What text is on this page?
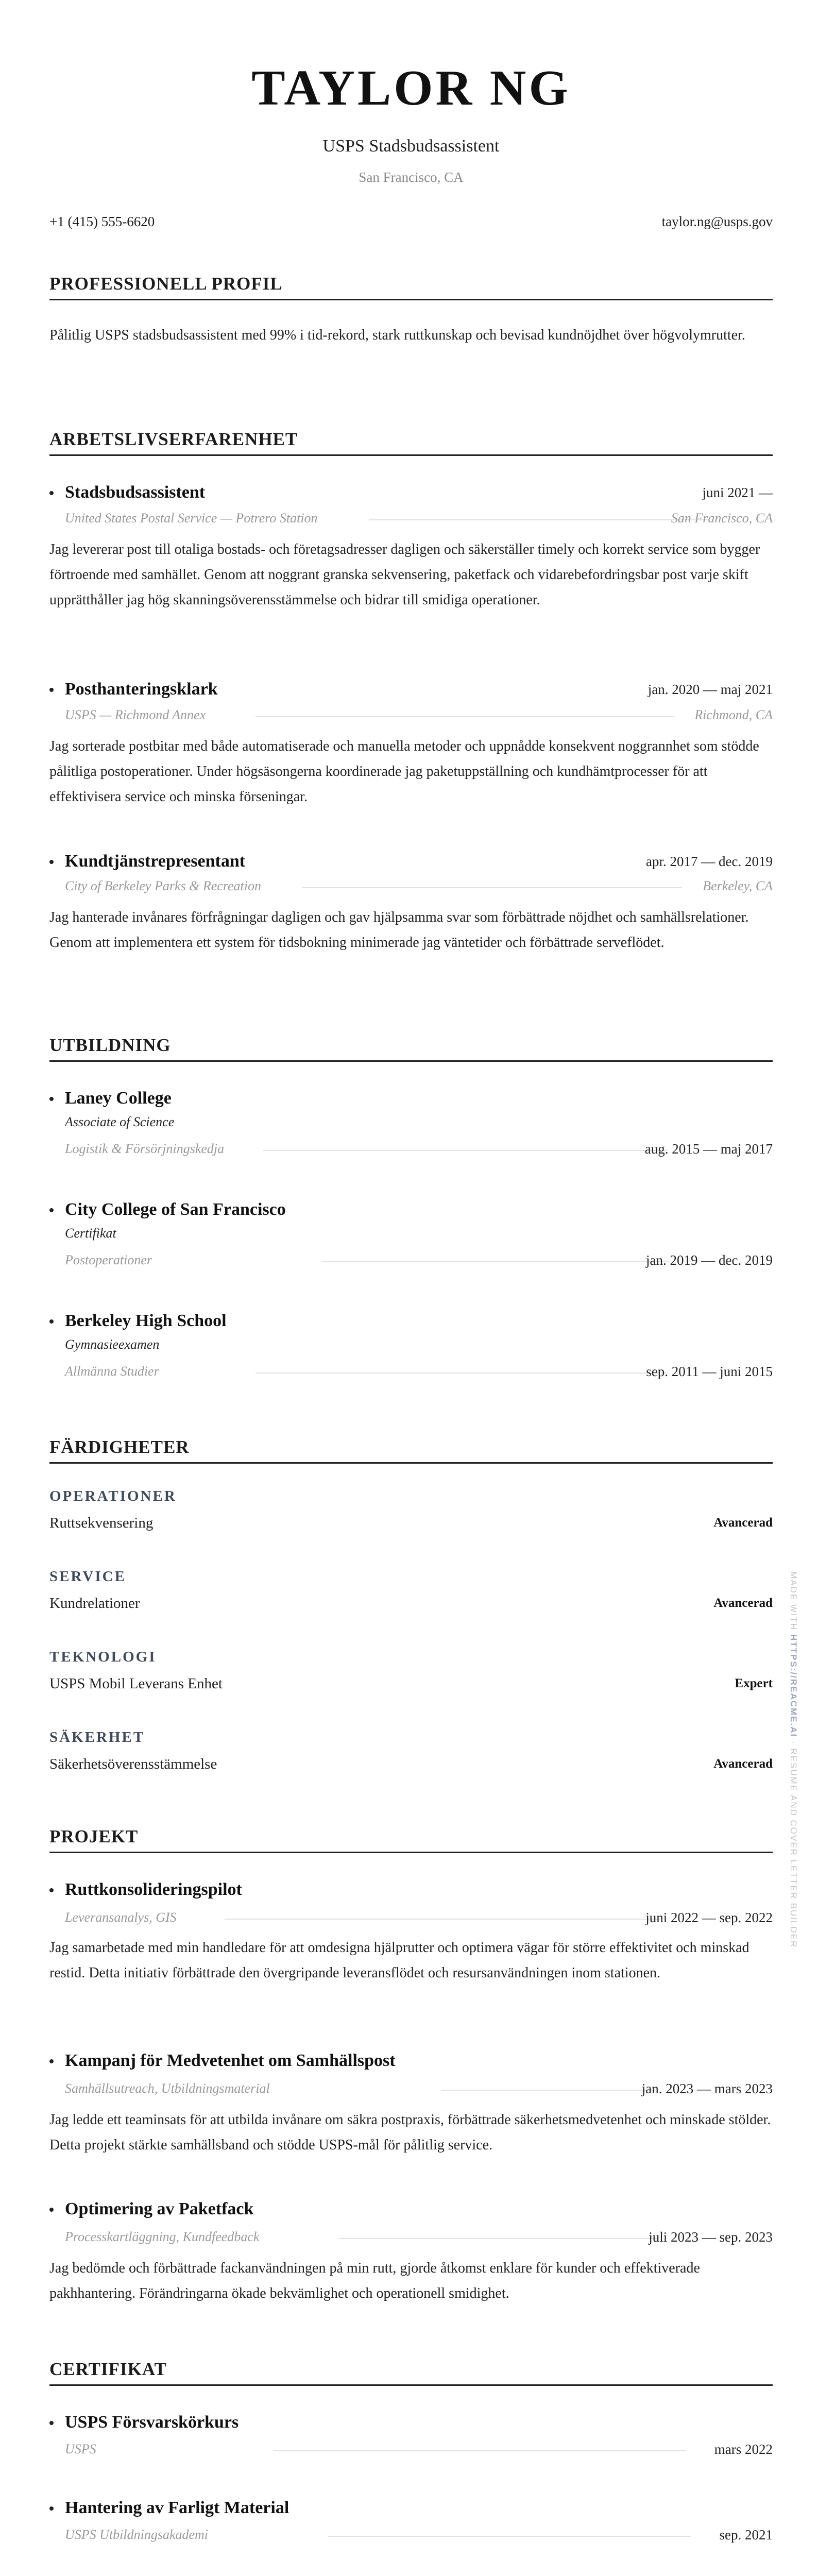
TAYLOR NG
USPS Stadsbudsassistent
San Francisco, CA
+1 (415) 555-6620	taylor.ng@usps.gov
PROFESSIONELL PROFIL
Pålitlig USPS stadsbudsassistent med 99% i tid-rekord, stark ruttkunskap och bevisad kundnöjdhet över högvolymrutter.
ARBETSLIVSERFARENHET
Stadsbudsassistent	juni 2021 —
United States Postal Service — Potrero Station	San Francisco, CA
Jag levererar post till otaliga bostads- och företagsadresser dagligen och säkerställer timely och korrekt service som bygger förtroende med samhället. Genom att noggrant granska sekvensering, paketfack och vidarebefordringsbar post varje skift upprätthåller jag hög skanningsöverensstämmelse och bidrar till smidiga operationer.
Posthanteringsklark	jan. 2020 — maj 2021
USPS — Richmond Annex	Richmond, CA
Jag sorterade postbitar med både automatiserade och manuella metoder och uppnådde konsekvent noggrannhet som stödde pålitliga postoperationer. Under högsäsongerna koordinerade jag paketuppställning och kundhämtprocesser för att effektivisera service och minska förseningar.
Kundtjänstrepresentant	apr. 2017 — dec. 2019
City of Berkeley Parks & Recreation	Berkeley, CA
Jag hanterade invånares förfrågningar dagligen och gav hjälpsamma svar som förbättrade nöjdhet och samhällsrelationer. Genom att implementera ett system för tidsbokning minimerade jag väntetider och förbättrade serveflödet.
UTBILDNING
Laney College
Associate of Science
Logistik & Försörjningskedja	aug. 2015 — maj 2017
City College of San Francisco
Certifikat
Postoperationer	jan. 2019 — dec. 2019
Berkeley High School
Gymnasieexamen
Allmänna Studier	sep. 2011 — juni 2015
FÄRDIGHETER
OPERATIONER
Ruttsekvensering	Avancerad
SERVICE
Kundrelationer	Avancerad
TEKNOLOGI
USPS Mobil Leverans Enhet	Expert
SÄKERHET
Säkerhetsöverensstämmelse	Avancerad
PROJEKT
Ruttkonsolideringspilot
Leveransanalys, GIS	juni 2022 — sep. 2022
Jag samarbetade med min handledare för att omdesigna hjälprutter och optimera vägar för större effektivitet och minskad restid. Detta initiativ förbättrade den övergripande leveransflödet och resursanvändningen inom stationen.
Kampanj för Medvetenhet om Samhällspost
Samhällsutreach, Utbildningsmaterial	jan. 2023 — mars 2023
Jag ledde ett teaminsats för att utbilda invånare om säkra postpraxis, förbättrade säkerhetsmedvetenhet och minskade stölder. Detta projekt stärkte samhällsband och stödde USPS-mål för pålitlig service.
Optimering av Paketfack
Processkartläggning, Kundfeedback	juli 2023 — sep. 2023
Jag bedömde och förbättrade fackanvändningen på min rutt, gjorde åtkomst enklare för kunder och effektiverade pakhhantering. Förändringarna ökade bekvämlighet och operationell smidighet.
CERTIFIKAT
USPS Försvarskörkurs
USPS	mars 2022
Hantering av Farligt Material
USPS Utbildningsakademi	sep. 2021
MADE WITH HTTPS://REACME.AI · RESUME AND COVER LETTER BUILDER
